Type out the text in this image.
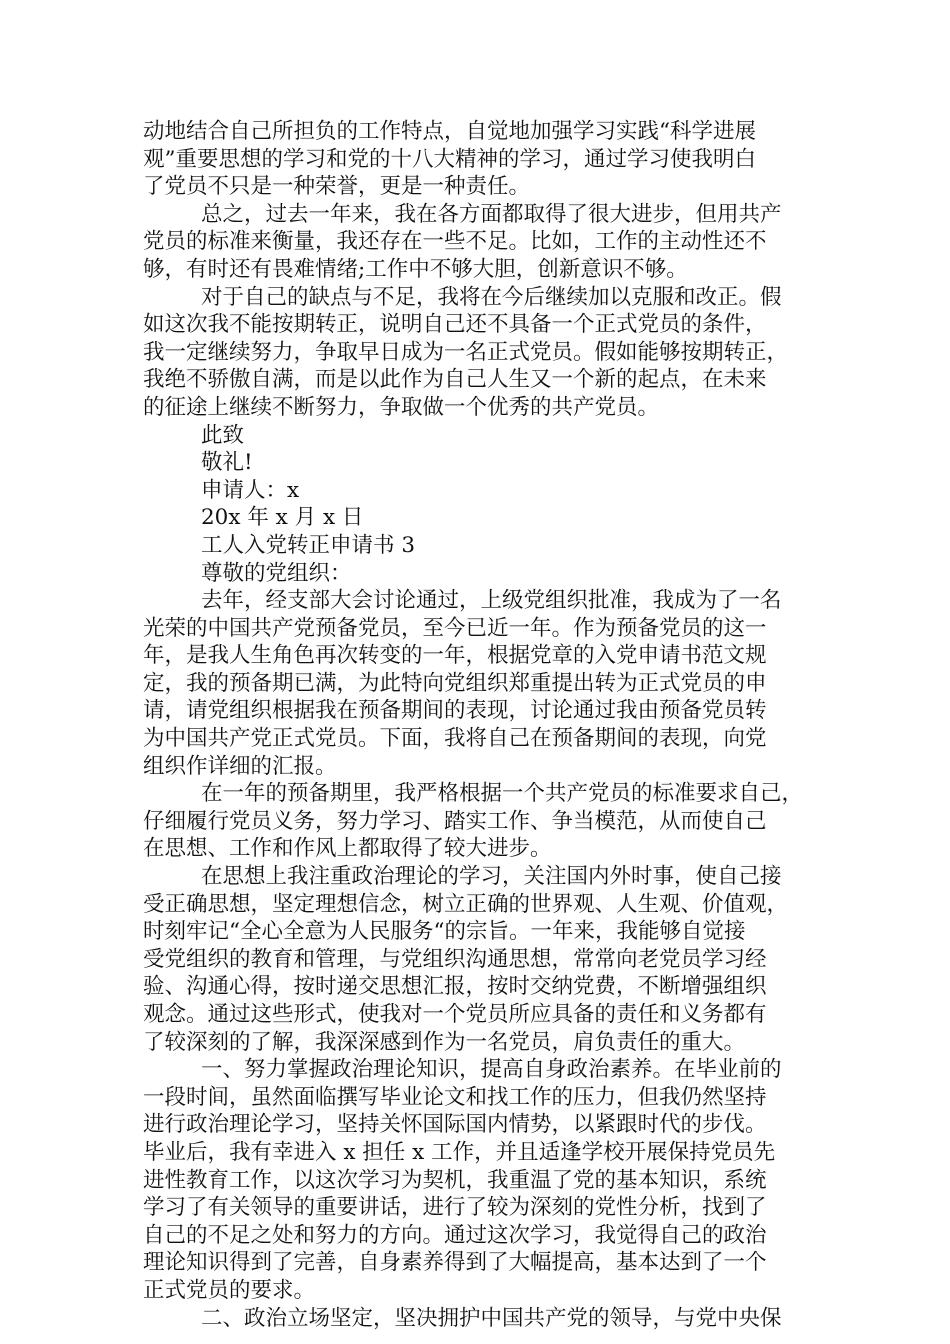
动地结合自己所担负的工作特点，自觉地加强学习实践“科学进展
观”重要思想的学习和党的十八大精神的学习，通过学习使我明白
了党员不只是一种荣誉，更是一种责任。
总之，过去一年来，我在各方面都取得了很大进步，但用共产
党员的标准来衡量，我还存在一些不足。比如，工作的主动性还不
够，有时还有畏难情绪;工作中不够大胆，创新意识不够。
对于自己的缺点与不足，我将在今后继续加以克服和改正。假
如这次我不能按期转正，说明自己还不具备一个正式党员的条件，
我一定继续努力，争取早日成为一名正式党员。假如能够按期转正，
我绝不骄傲自满，而是以此作为自己人生又一个新的起点，在未来
的征途上继续不断努力，争取做一个优秀的共产党员。
此致
敬礼!
申请人：x
20x 年 x 月 x 日
工人入党转正申请书 3
尊敬的党组织：
去年，经支部大会讨论通过，上级党组织批准，我成为了一名
光荣的中国共产党预备党员，至今已近一年。作为预备党员的这一
年，是我人生角色再次转变的一年，根据党章的入党申请书范文规
定，我的预备期已满，为此特向党组织郑重提出转为正式党员的申
请，请党组织根据我在预备期间的表现，讨论通过我由预备党员转
为中国共产党正式党员。下面，我将自己在预备期间的表现，向党
组织作详细的汇报。
在一年的预备期里，我严格根据一个共产党员的标准要求自己，
仔细履行党员义务，努力学习、踏实工作、争当模范，从而使自己
在思想、工作和作风上都取得了较大进步。
在思想上我注重政治理论的学习，关注国内外时事，使自己接
受正确思想，坚定理想信念，树立正确的世界观、人生观、价值观，
时刻牢记“全心全意为人民服务“的宗旨。一年来，我能够自觉接
受党组织的教育和管理，与党组织沟通思想，常常向老党员学习经
验、沟通心得，按时递交思想汇报，按时交纳党费，不断增强组织
观念。通过这些形式，使我对一个党员所应具备的责任和义务都有
了较深刻的了解，我深深感到作为一名党员，肩负责任的重大。
一、努力掌握政治理论知识，提高自身政治素养。在毕业前的
一段时间，虽然面临撰写毕业论文和找工作的压力，但我仍然坚持
进行政治理论学习，坚持关怀国际国内情势，以紧跟时代的步伐。
毕业后，我有幸进入 x 担任 x 工作，并且适逢学校开展保持党员先
进性教育工作，以这次学习为契机，我重温了党的基本知识，系统
学习了有关领导的重要讲话，进行了较为深刻的党性分析，找到了
自己的不足之处和努力的方向。通过这次学习，我觉得自己的政治
理论知识得到了完善，自身素养得到了大幅提高，基本达到了一个
正式党员的要求。
二、政治立场坚定，坚决拥护中国共产党的领导，与党中央保
